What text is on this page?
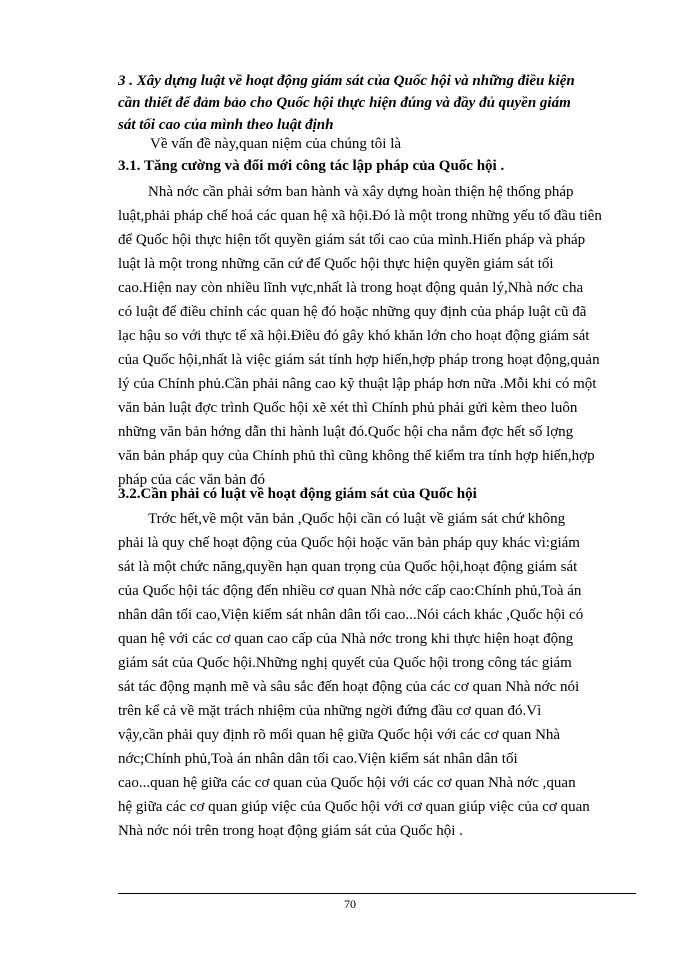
3 . Xây dựng luật về hoạt động giám sát của Quốc hội và những điều kiện
cần thiết để đảm bảo cho Quốc hội thực hiện đúng và đầy đủ quyền giám
sát tối cao của mình theo luật định
Về vấn đề này,quan niệm của chúng tôi là
3.1. Tăng cường và đổi mới công tác lập pháp của Quốc hội .
Nhà nớc cần phải sớm ban hành và xây dựng hoàn thiện hệ thống pháp
luật,phải pháp chế hoá các quan hệ xã hội.Đó là một trong những yếu tố đầu tiên
để Quốc hội thực hiện tốt quyền giám sát tối cao của mình.Hiến pháp và pháp
luật là một trong những căn cứ để Quốc hội thực hiện quyền giám sát tối
cao.Hiện nay còn nhiều lĩnh vực,nhất là trong hoạt động quản lý,Nhà nớc cha
có luật để điều chỉnh các quan hệ đó hoặc những quy định của pháp luật cũ đã
lạc hậu so với thực tế xã hội.Điều đó gây khó khăn lớn cho hoạt động giám sát
của Quốc hội,nhất là việc giám sát tính hợp hiến,hợp pháp trong hoạt động,quản
lý của Chính phủ.Cần phải nâng cao kỹ thuật lập pháp hơn nữa .Mỗi khi có một
văn bản luật đợc trình Quốc hội xẽ xét thì Chính phủ phải gửi kèm theo luôn
những văn bản hớng dẫn thi hành luật đó.Quốc hội cha nắm đợc hết số lợng
văn bản pháp quy của Chính phủ thì cũng không thể kiểm tra tính hợp hiến,hợp
pháp của các văn bản đó
3.2.Cần phải có luật về hoạt động giám sát của Quốc hội
Trớc hết,về một văn bản ,Quốc hội cần có luật về giám sát chứ không
phải là quy chế hoạt động của Quốc hội hoặc văn bản pháp quy khác vì:giám
sát là một chức năng,quyền hạn quan trọng của Quốc hội,hoạt động giám sát
của Quốc hội tác động đến nhiều cơ quan Nhà nớc cấp cao:Chính phủ,Toà án
nhân dân tối cao,Viện kiểm sát nhân dân tối cao...Nói cách khác ,Quốc hội có
quan hệ với các cơ quan cao cấp của Nhà nớc trong khi thực hiện hoạt động
giám sát của Quốc hội.Những nghị quyết của Quốc hội trong công tác giám
sát tác động mạnh mẽ và sâu sắc đến hoạt động của các cơ quan Nhà nớc nói
trên kể cả về mặt trách nhiệm của những ngời đứng đầu cơ quan đó.Vì
vậy,cần phải quy định rõ mối quan hệ giữa Quốc hội với các cơ quan Nhà
nớc;Chính phủ,Toà án nhân dân tối cao.Viện kiểm sát nhân dân tối
cao...quan hệ giữa các cơ quan của Quốc hội với các cơ quan Nhà nớc ,quan
hệ giữa các cơ quan giúp việc của Quốc hội với cơ quan giúp việc của cơ quan
Nhà nớc nói trên trong hoạt động giám sát của Quốc hội .
70
